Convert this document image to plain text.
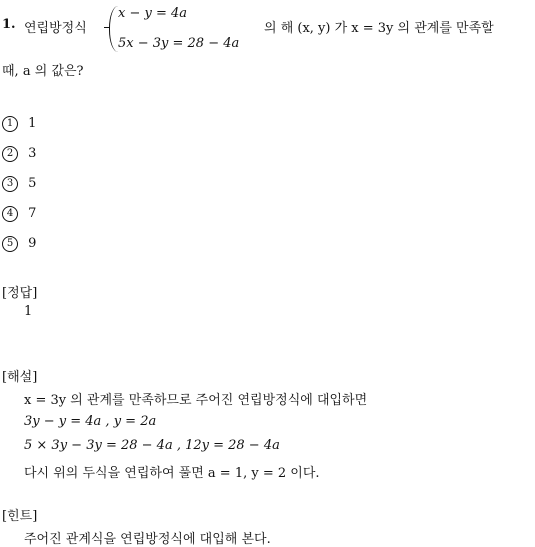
1. 연립방정식
x − y = 4a
5x − 3y = 28 − 4a
의 해 (x, y) 가 x = 3y 의 관계를 만족할
때, a 의 값은?
1 1
2 3
3 5
4 7
5 9
[정답]
1
[해설]
x = 3y 의 관계를 만족하므로 주어진 연립방정식에 대입하면
3y − y = 4a , y = 2a
5 × 3y − 3y = 28 − 4a , 12y = 28 − 4a
다시 위의 두식을 연립하여 풀면 a = 1, y = 2 이다.
[힌트]
주어진 관계식을 연립방정식에 대입해 본다.
